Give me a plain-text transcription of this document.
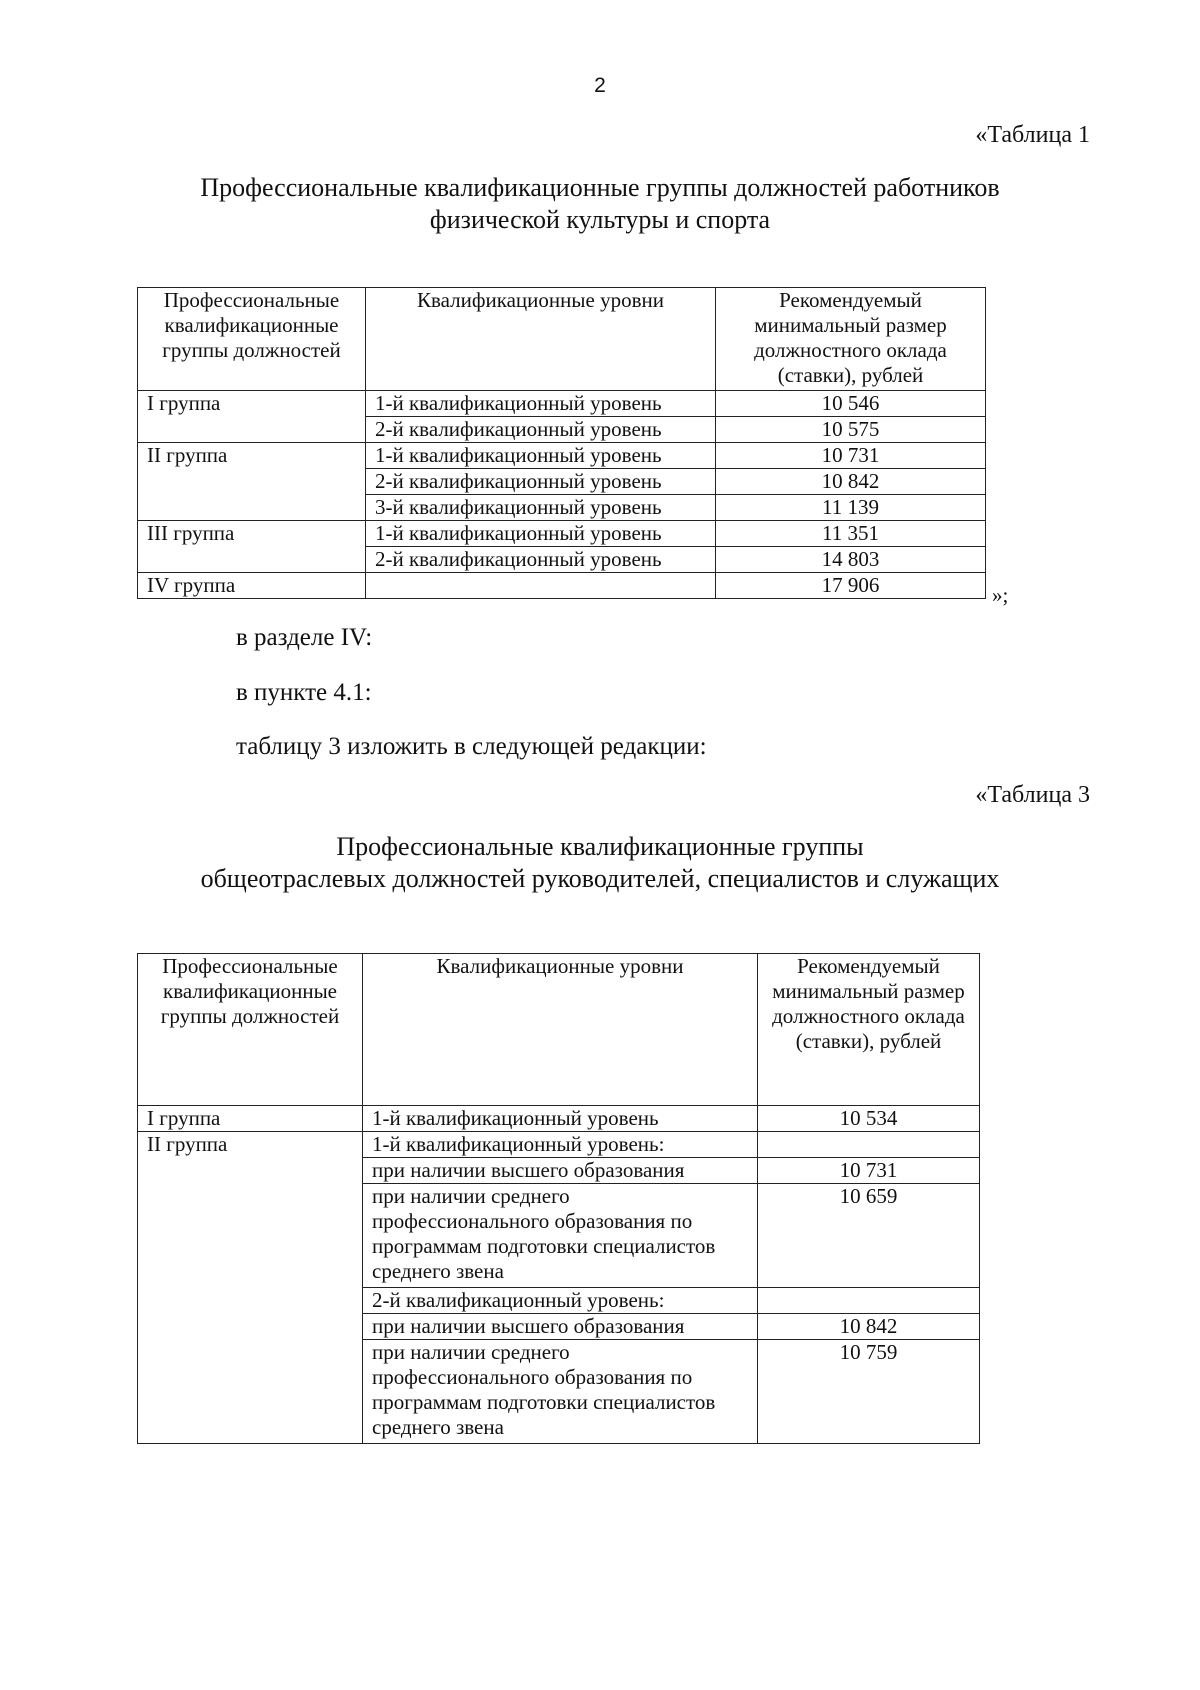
2
«Таблица 1
Профессиональные квалификационные группы должностей работников
физической культуры и спорта
Профессиональные квалификационные группы должностей	Квалификационные уровни	Рекомендуемый минимальный размер должностного оклада (ставки), рублей
I группа	1-й квалификационный уровень	10 546
	2-й квалификационный уровень	10 575
II группа	1-й квалификационный уровень	10 731
	2-й квалификационный уровень	10 842
	3-й квалификационный уровень	11 139
III группа	1-й квалификационный уровень	11 351
	2-й квалификационный уровень	14 803
IV группа		17 906	»;
в разделе IV:
в пункте 4.1:
таблицу 3 изложить в следующей редакции:
«Таблица 3
Профессиональные квалификационные группы
общеотраслевых должностей руководителей, специалистов и служащих
Профессиональные квалификационные группы должностей	Квалификационные уровни	Рекомендуемый минимальный размер должностного оклада (ставки), рублей
I группа	1-й квалификационный уровень	10 534
II группа	1-й квалификационный уровень:	
	при наличии высшего образования	10 731
	при наличии среднего профессионального образования по программам подготовки специалистов среднего звена	10 659
	2-й квалификационный уровень:	
	при наличии высшего образования	10 842
	при наличии среднего профессионального образования по программам подготовки специалистов среднего звена	10 759
